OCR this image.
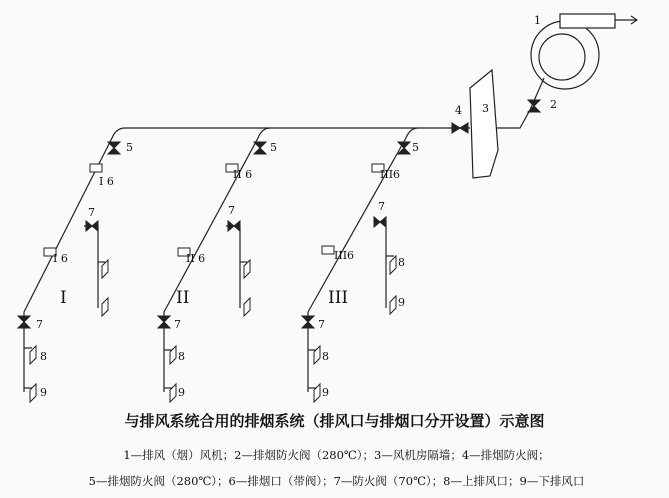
1
2
3
4
5	5	5
I 6
I 6
II 6
II 6
III6
III6
7	7	7
7	7	7
8
9
8
9
8
9
8
9
I	II	III
与排风系统合用的排烟系统（排风口与排烟口分开设置）示意图
1—排风（烟）风机；2—排烟防火阀（280℃）；3—风机房隔墙；4—排烟防火阀；
5—排烟防火阀（280℃）；6—排烟口（带阀）；7—防火阀（70℃）；8—上排风口；9—下排风口
